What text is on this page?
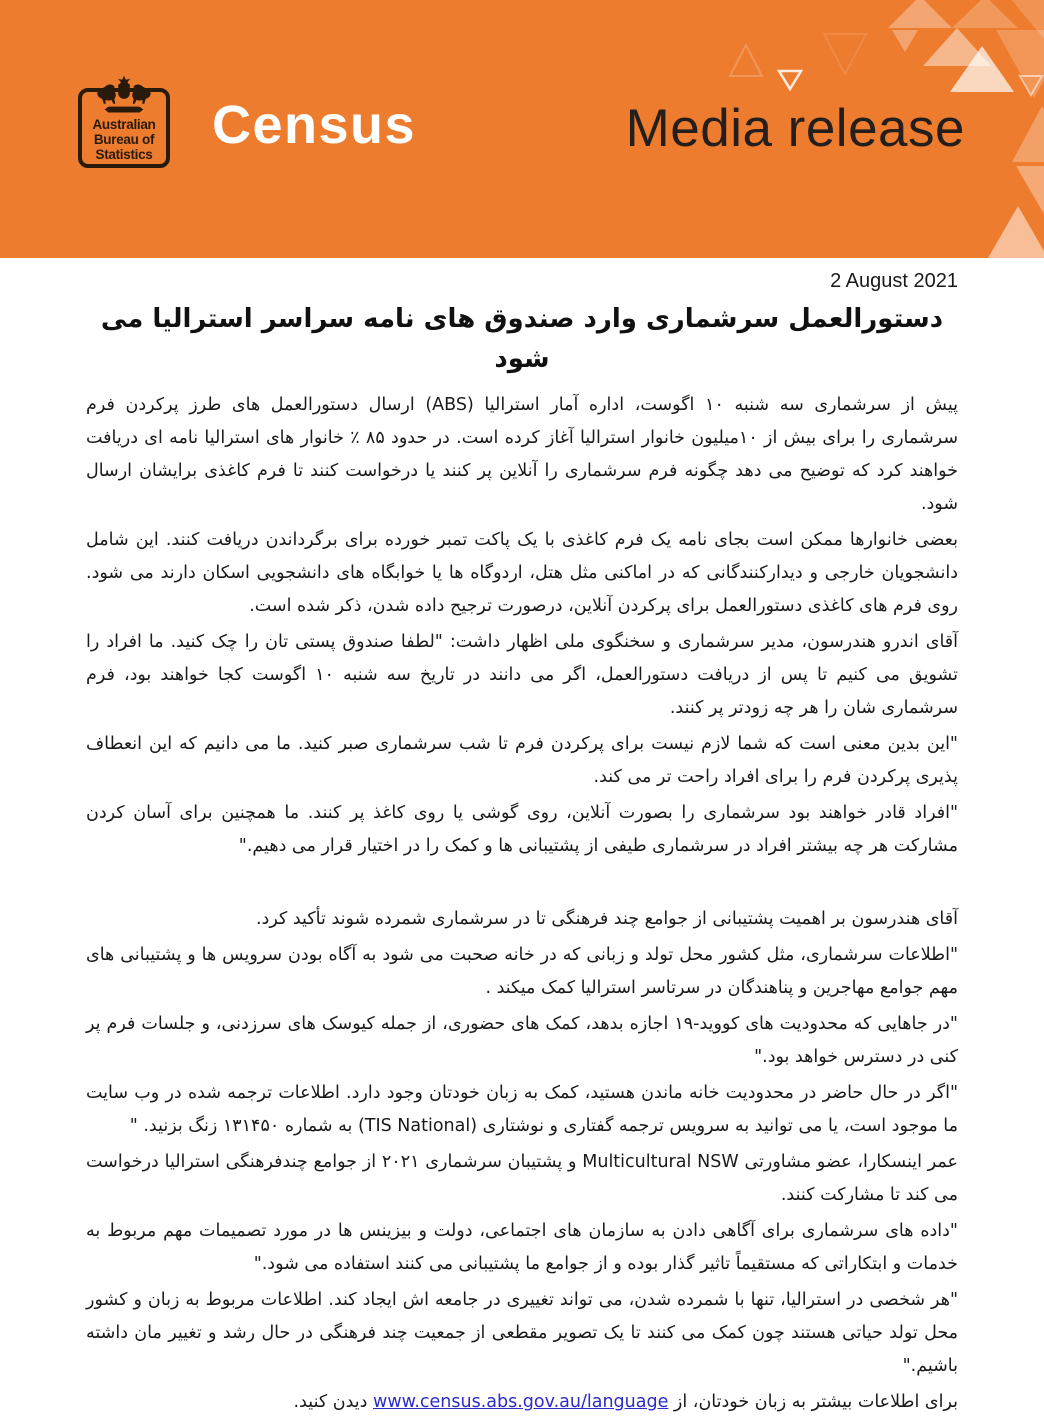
Australian
Bureau of
Statistics Census	Media release
2 August 2021
دستورالعمل سرشماری وارد صندوق های نامه سراسر استرالیا می شود

پیش از سرشماری سه شنبه ۱۰ اگوست، اداره آمار استرالیا (ABS) ارسال دستورالعمل های طرز پرکردن فرم سرشماری را برای بیش از ۱۰میلیون خانوار استرالیا آغاز کرده است. در حدود ۸۵ ٪ خانوار های استرالیا نامه ای دریافت خواهند کرد که توضیح می دهد چگونه فرم سرشماری را آنلاین پر کنند یا درخواست کنند تا فرم کاغذی برایشان ارسال شود.

بعضی خانوارها ممکن است بجای نامه یک فرم کاغذی با یک پاکت تمبر خورده برای برگرداندن دریافت کنند. این شامل دانشجویان خارجی و دیدارکنندگانی که در اماکنی مثل هتل، اردوگاه ها یا خوابگاه های دانشجویی اسکان دارند می شود. روی فرم های کاغذی دستورالعمل برای پرکردن آنلاین، درصورت ترجیح داده شدن، ذکر شده است.

آقای اندرو هندرسون، مدیر سرشماری و سخنگوی ملی اظهار داشت: "لطفا صندوق پستی تان را چک کنید. ما افراد را تشویق می کنیم تا پس از دریافت دستورالعمل، اگر می دانند در تاریخ سه شنبه ۱۰ اگوست کجا خواهند بود، فرم سرشماری شان را هر چه زودتر پر کنند.

"این بدین معنی است که شما لازم نیست برای پرکردن فرم تا شب سرشماری صبر کنید. ما می دانیم که این انعطاف پذیری پرکردن فرم را برای افراد راحت تر می کند.

"افراد قادر خواهند بود سرشماری را بصورت آنلاین، روی گوشی یا روی کاغذ پر کنند. ما همچنین برای آسان کردن مشارکت هر چه بیشتر افراد در سرشماری طیفی از پشتیبانی ها و کمک را در اختیار قرار می دهیم."

آقای هندرسون بر اهمیت پشتیبانی از جوامع چند فرهنگی تا در سرشماری شمرده شوند تأکید کرد.

"اطلاعات سرشماری، مثل کشور محل تولد و زبانی که در خانه صحبت می شود به آگاه بودن سرویس ها و پشتیبانی های مهم جوامع مهاجرین و پناهندگان در سرتاسر استرالیا کمک میکند .

"در جاهایی که محدودیت های کووید-۱۹ اجازه بدهد، کمک های حضوری، از جمله کیوسک های سرزدنی، و جلسات فرم پر کنی در دسترس خواهد بود."

"اگر در حال حاضر در محدودیت خانه ماندن هستید، کمک به زبان خودتان وجود دارد. اطلاعات ترجمه شده در وب سایت ما موجود است، یا می توانید به سرویس ترجمه گفتاری و نوشتاری (TIS National) به شماره ۱۳۱۴۵۰ زنگ بزنید. "

عمر اینسکارا، عضو مشاورتی Multicultural NSW و پشتیبان سرشماری ۲۰۲۱ از جوامع چندفرهنگی استرالیا درخواست می کند تا مشارکت کنند.

"داده های سرشماری برای آگاهی دادن به سازمان های اجتماعی، دولت و بیزینس ها در مورد تصمیمات مهم مربوط به خدمات و ابتکاراتی که مستقیماً تاثیر گذار بوده و از جوامع ما پشتیبانی می کنند استفاده می شود."

"هر شخصی در استرالیا، تنها با شمرده شدن، می تواند تغییری در جامعه اش ایجاد کند. اطلاعات مربوط به زبان و کشور محل تولد حیاتی هستند چون کمک می کنند تا یک تصویر مقطعی از جمعیت چند فرهنگی در حال رشد و تغییر مان داشته باشیم."

برای اطلاعات بیشتر به زبان خودتان، از www.census.abs.gov.au/language دیدن کنید.
